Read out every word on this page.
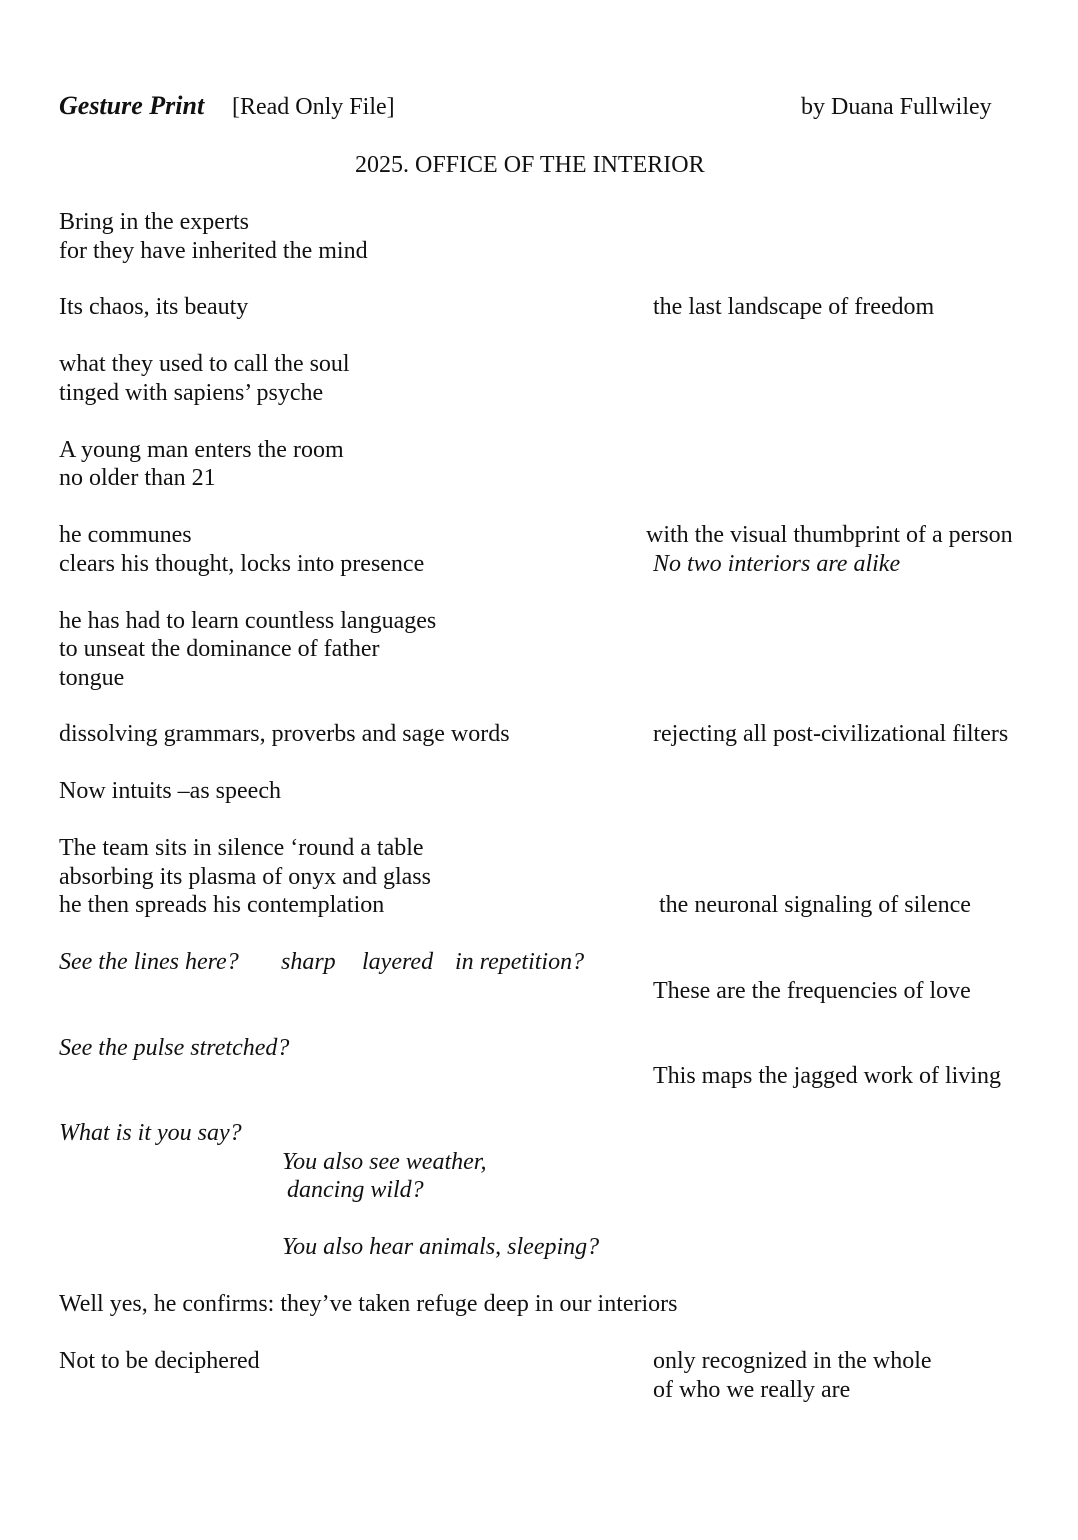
Gesture Print [Read Only File]	by Duana Fullwiley
2025. OFFICE OF THE INTERIOR
Bring in the experts
for they have inherited the mind
Its chaos, its beauty	the last landscape of freedom
what they used to call the soul
tinged with sapiens’ psyche
A young man enters the room
no older than 21
he communes	with the visual thumbprint of a person
clears his thought, locks into presence	No two interiors are alike
he has had to learn countless languages
to unseat the dominance of father
tongue
dissolving grammars, proverbs and sage words	rejecting all post-civilizational filters
Now intuits –as speech
The team sits in silence ‘round a table
absorbing its plasma of onyx and glass
he then spreads his contemplation	the neuronal signaling of silence
See the lines here? sharp layered in repetition?
These are the frequencies of love
See the pulse stretched?
This maps the jagged work of living
What is it you say?
You also see weather,
dancing wild?
You also hear animals, sleeping?
Well yes, he confirms: they’ve taken refuge deep in our interiors
Not to be deciphered	only recognized in the whole
of who we really are
